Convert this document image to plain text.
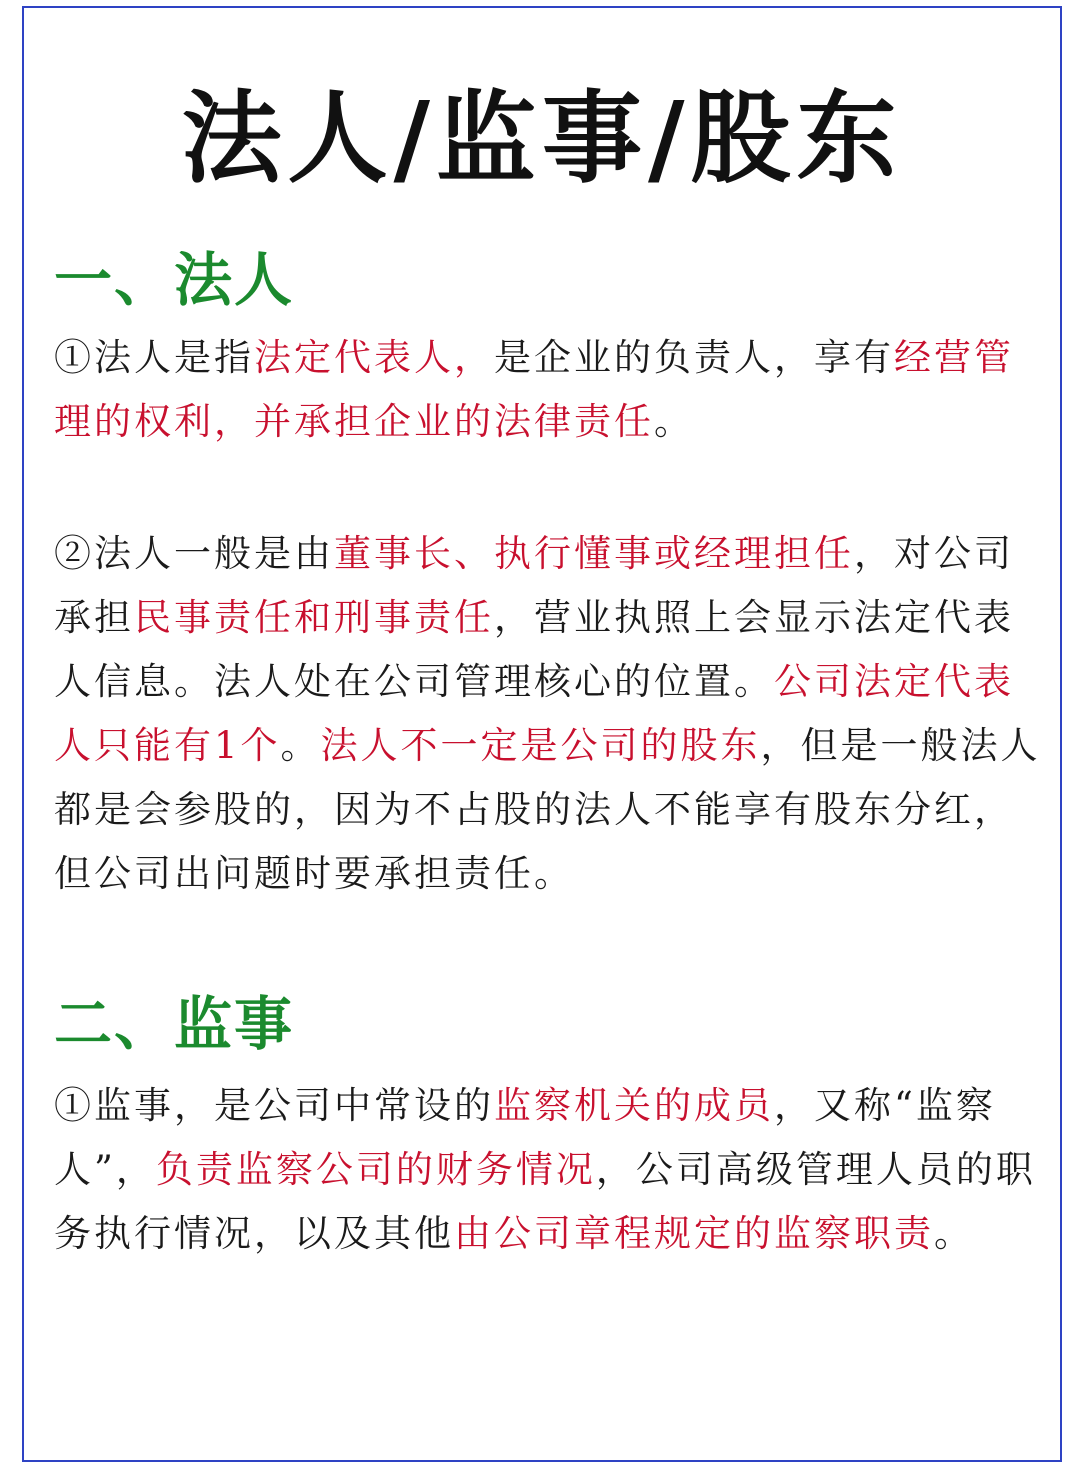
法人/监事/股东
一、法人

①法人是指法定代表人，是企业的负责人，享有经营管理的权利，并承担企业的法律责任。

②法人一般是由董事长、执行懂事或经理担任，对公司承担民事责任和刑事责任，营业执照上会显示法定代表人信息。法人处在公司管理核心的位置。公司法定代表人只能有1个。法人不一定是公司的股东，但是一般法人都是会参股的，因为不占股的法人不能享有股东分红，但公司出问题时要承担责任。

二、监事

①监事，是公司中常设的监察机关的成员，又称“监察人”，负责监察公司的财务情况，公司高级管理人员的职务执行情况，以及其他由公司章程规定的监察职责。
